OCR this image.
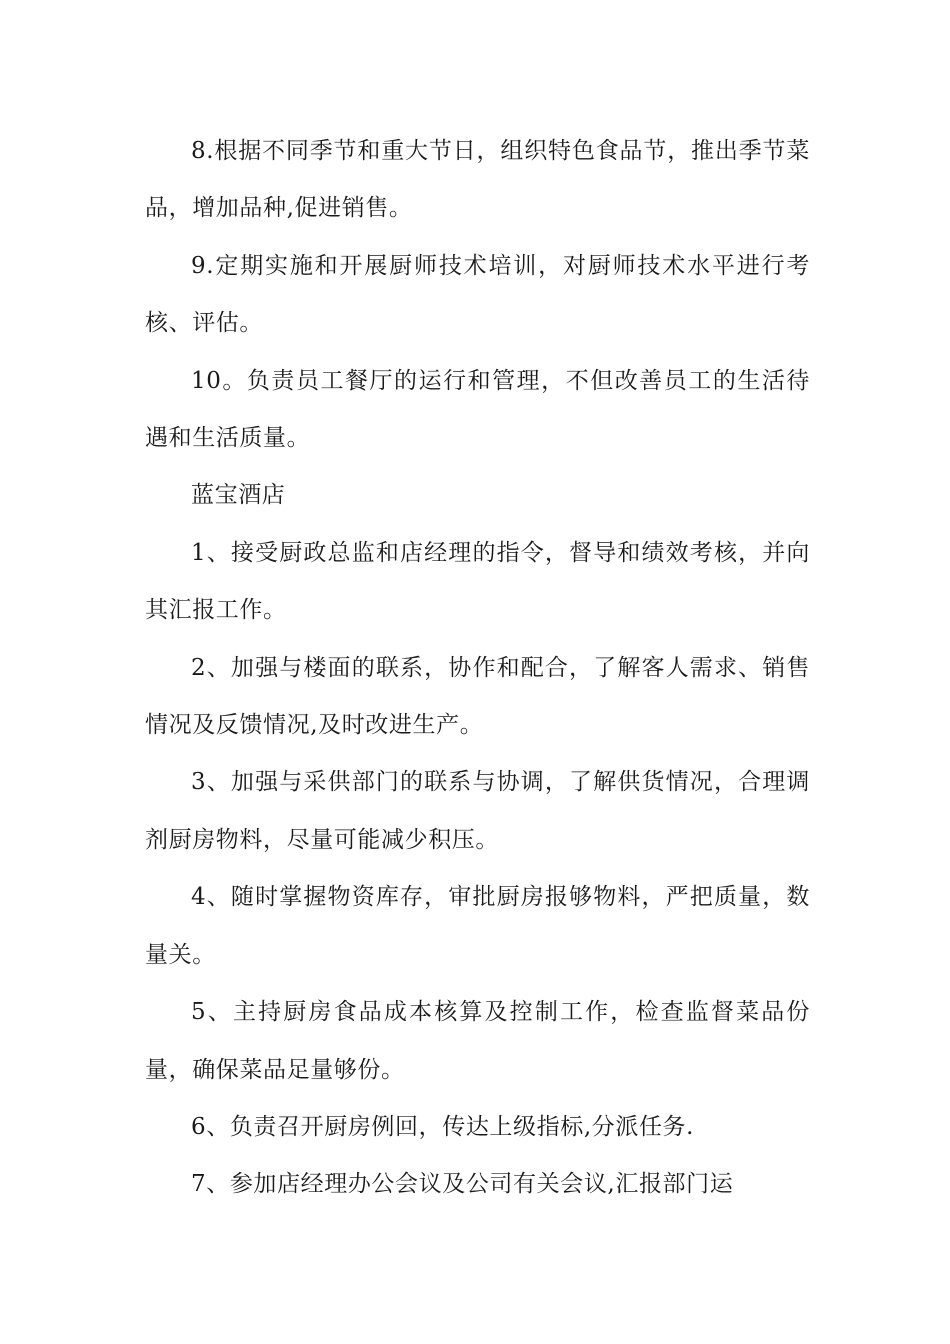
8.根据不同季节和重大节日，组织特色食品节，推出季节菜品，增加品种,促进销售。

9.定期实施和开展厨师技术培训，对厨师技术水平进行考核、评估。

10。负责员工餐厅的运行和管理，不但改善员工的生活待遇和生活质量。

蓝宝酒店

1、接受厨政总监和店经理的指令，督导和绩效考核，并向其汇报工作。

2、加强与楼面的联系，协作和配合，了解客人需求、销售情况及反馈情况,及时改进生产。

3、加强与采供部门的联系与协调，了解供货情况，合理调剂厨房物料，尽量可能减少积压。

4、随时掌握物资库存，审批厨房报够物料，严把质量，数量关。

5、主持厨房食品成本核算及控制工作，检查监督菜品份量，确保菜品足量够份。

6、负责召开厨房例回，传达上级指标,分派任务.

7、参加店经理办公会议及公司有关会议,汇报部门运
